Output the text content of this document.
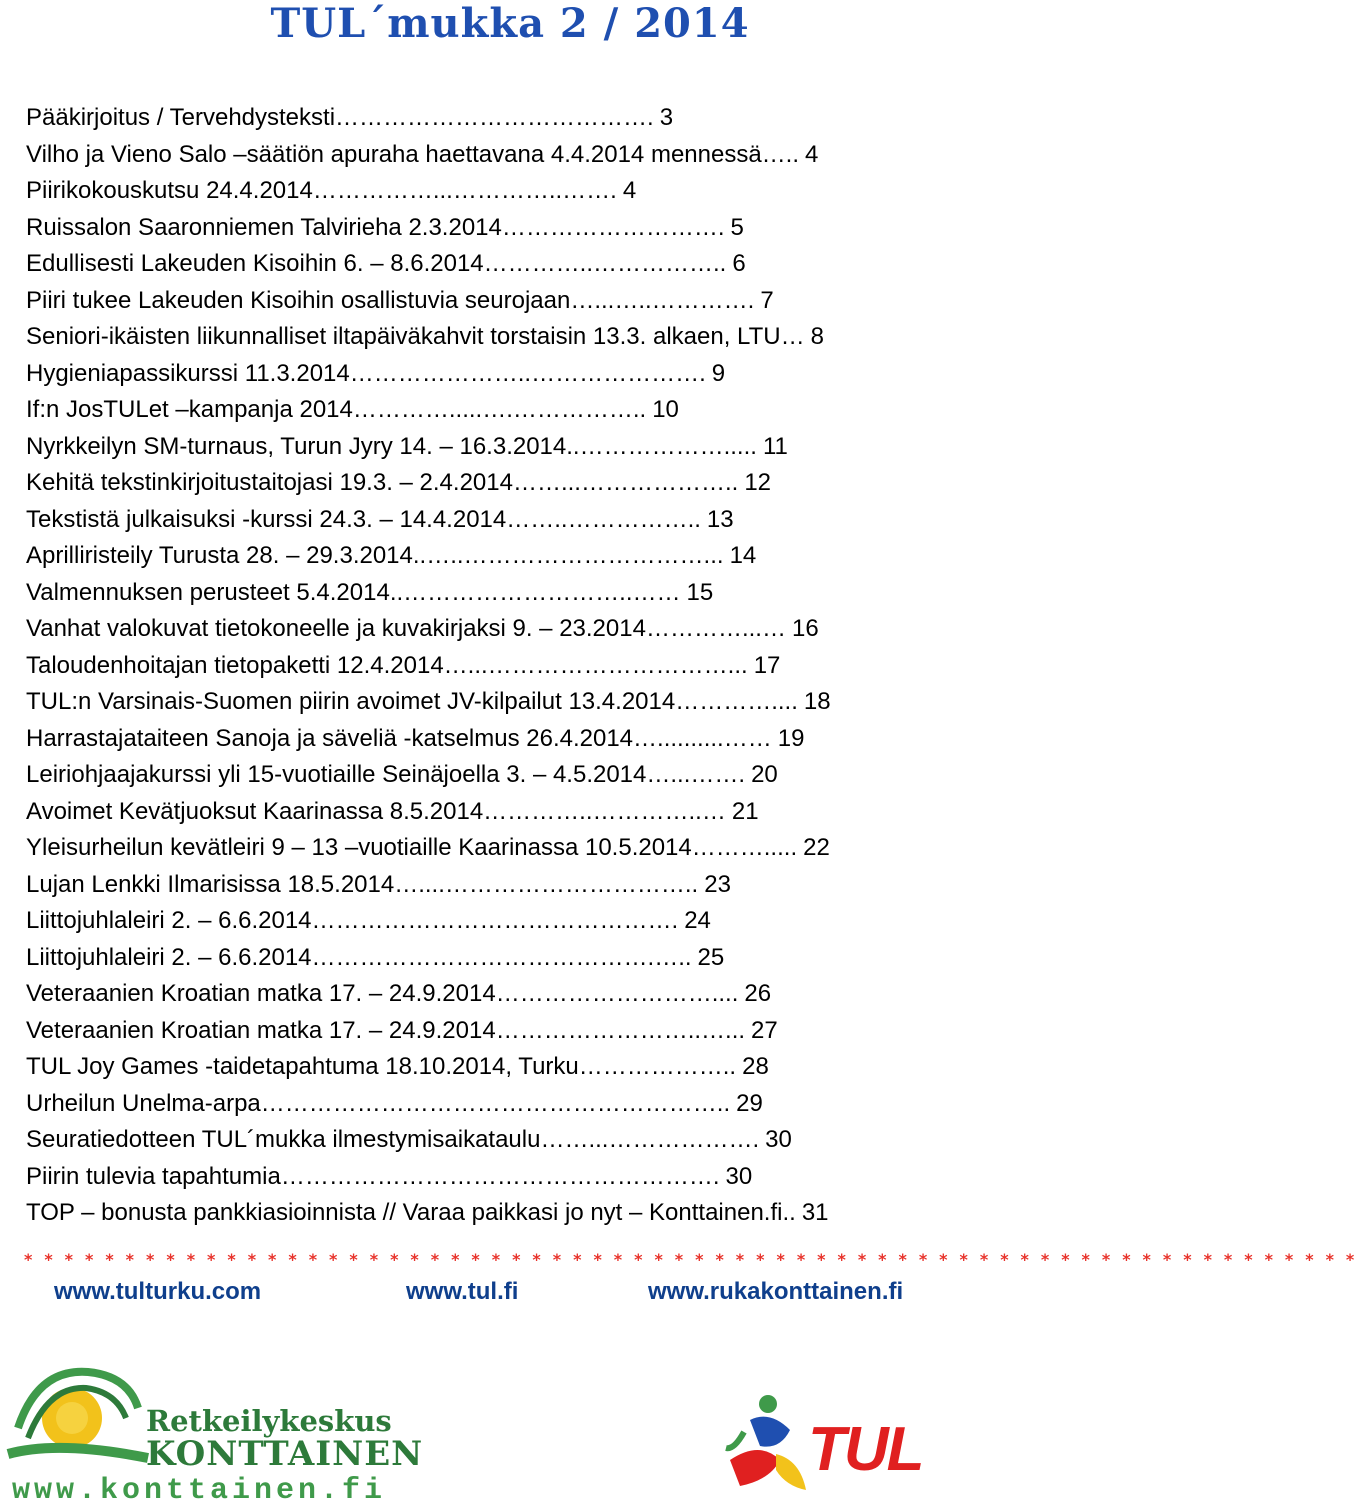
TUL´mukka 2 / 2014
Pääkirjoitus / Tervehdysteksti…………………………………. 3
Vilho ja Vieno Salo –säätiön apuraha haettavana 4.4.2014 mennessä….. 4
Piirikokouskutsu 24.4.2014……………...…………..……. 4
Ruissalon Saaronniemen Talvirieha 2.3.2014………………………. 5
Edullisesti Lakeuden Kisoihin 6. – 8.6.2014…………..…………….. 6
Piiri tukee Lakeuden Kisoihin osallistuvia seurojaan…...…..…………. 7
Seniori-ikäisten liikunnalliset iltapäiväkahvit torstaisin 13.3. alkaen, LTU… 8
Hygieniapassikurssi 11.3.2014…………………..…………………. 9
If:n JosTULet –kampanja 2014………….....….…………….. 10
Nyrkkeilyn SM-turnaus, Turun Jyry 14. – 16.3.2014..………………..... 11
Kehitä tekstinkirjoitustaitojasi 19.3. – 2.4.2014……...……………….. 12
Tekstistä julkaisuksi -kurssi 24.3. – 14.4.2014……..…………….. 13
Aprilliristeily Turusta 28. – 29.3.2014..…..…………………………... 14
Valmennuksen perusteet 5.4.2014..………………………..…… 15
Vanhat valokuvat tietokoneelle ja kuvakirjaksi 9. – 23.2014…………...… 16
Taloudenhoitajan tietopaketti 12.4.2014…...…………………………... 17
TUL:n Varsinais-Suomen piirin avoimet JV-kilpailut 13.4.2014………….... 18
Harrastajataiteen Sanoja ja säveliä -katselmus 26.4.2014…..........…… 19
Leiriohjaajakurssi yli 15-vuotiaille Seinäjoella 3. – 4.5.2014…...……. 20
Avoimet Kevätjuoksut Kaarinassa 8.5.2014…………..…………..… 21
Yleisurheilun kevätleiri 9 – 13 –vuotiaille Kaarinassa 10.5.2014………..... 22
Lujan Lenkki Ilmarisissa 18.5.2014…....………………………….. 23
Liittojuhlaleiri 2. – 6.6.2014………………………………………. 24
Liittojuhlaleiri 2. – 6.6.2014…………………………………….….. 25
Veteraanien Kroatian matka 17. – 24.9.2014……………………….... 26
Veteraanien Kroatian matka 17. – 24.9.2014……………………..…... 27
TUL Joy Games -taidetapahtuma 18.10.2014, Turku……………….. 28
Urheilun Unelma-arpa………………………………………………….. 29
Seuratiedotteen TUL´mukka ilmestymisaikataulu……...………………. 30
Piirin tulevia tapahtumia………………………………………………. 30
TOP – bonusta pankkiasioinnista // Varaa paikkasi jo nyt – Konttainen.fi.. 31
* * * * * * * * * * * * * * * * * * * * * * * * * * * * * * * * * * * * * * * * * * * * * * * * * * * * * * * * * * * * * * * * * *
www.tulturku.com	www.tul.fi	www.rukakonttainen.fi
Retkeilykeskus
KONTTAINEN
www.konttainen.fi
TUL
